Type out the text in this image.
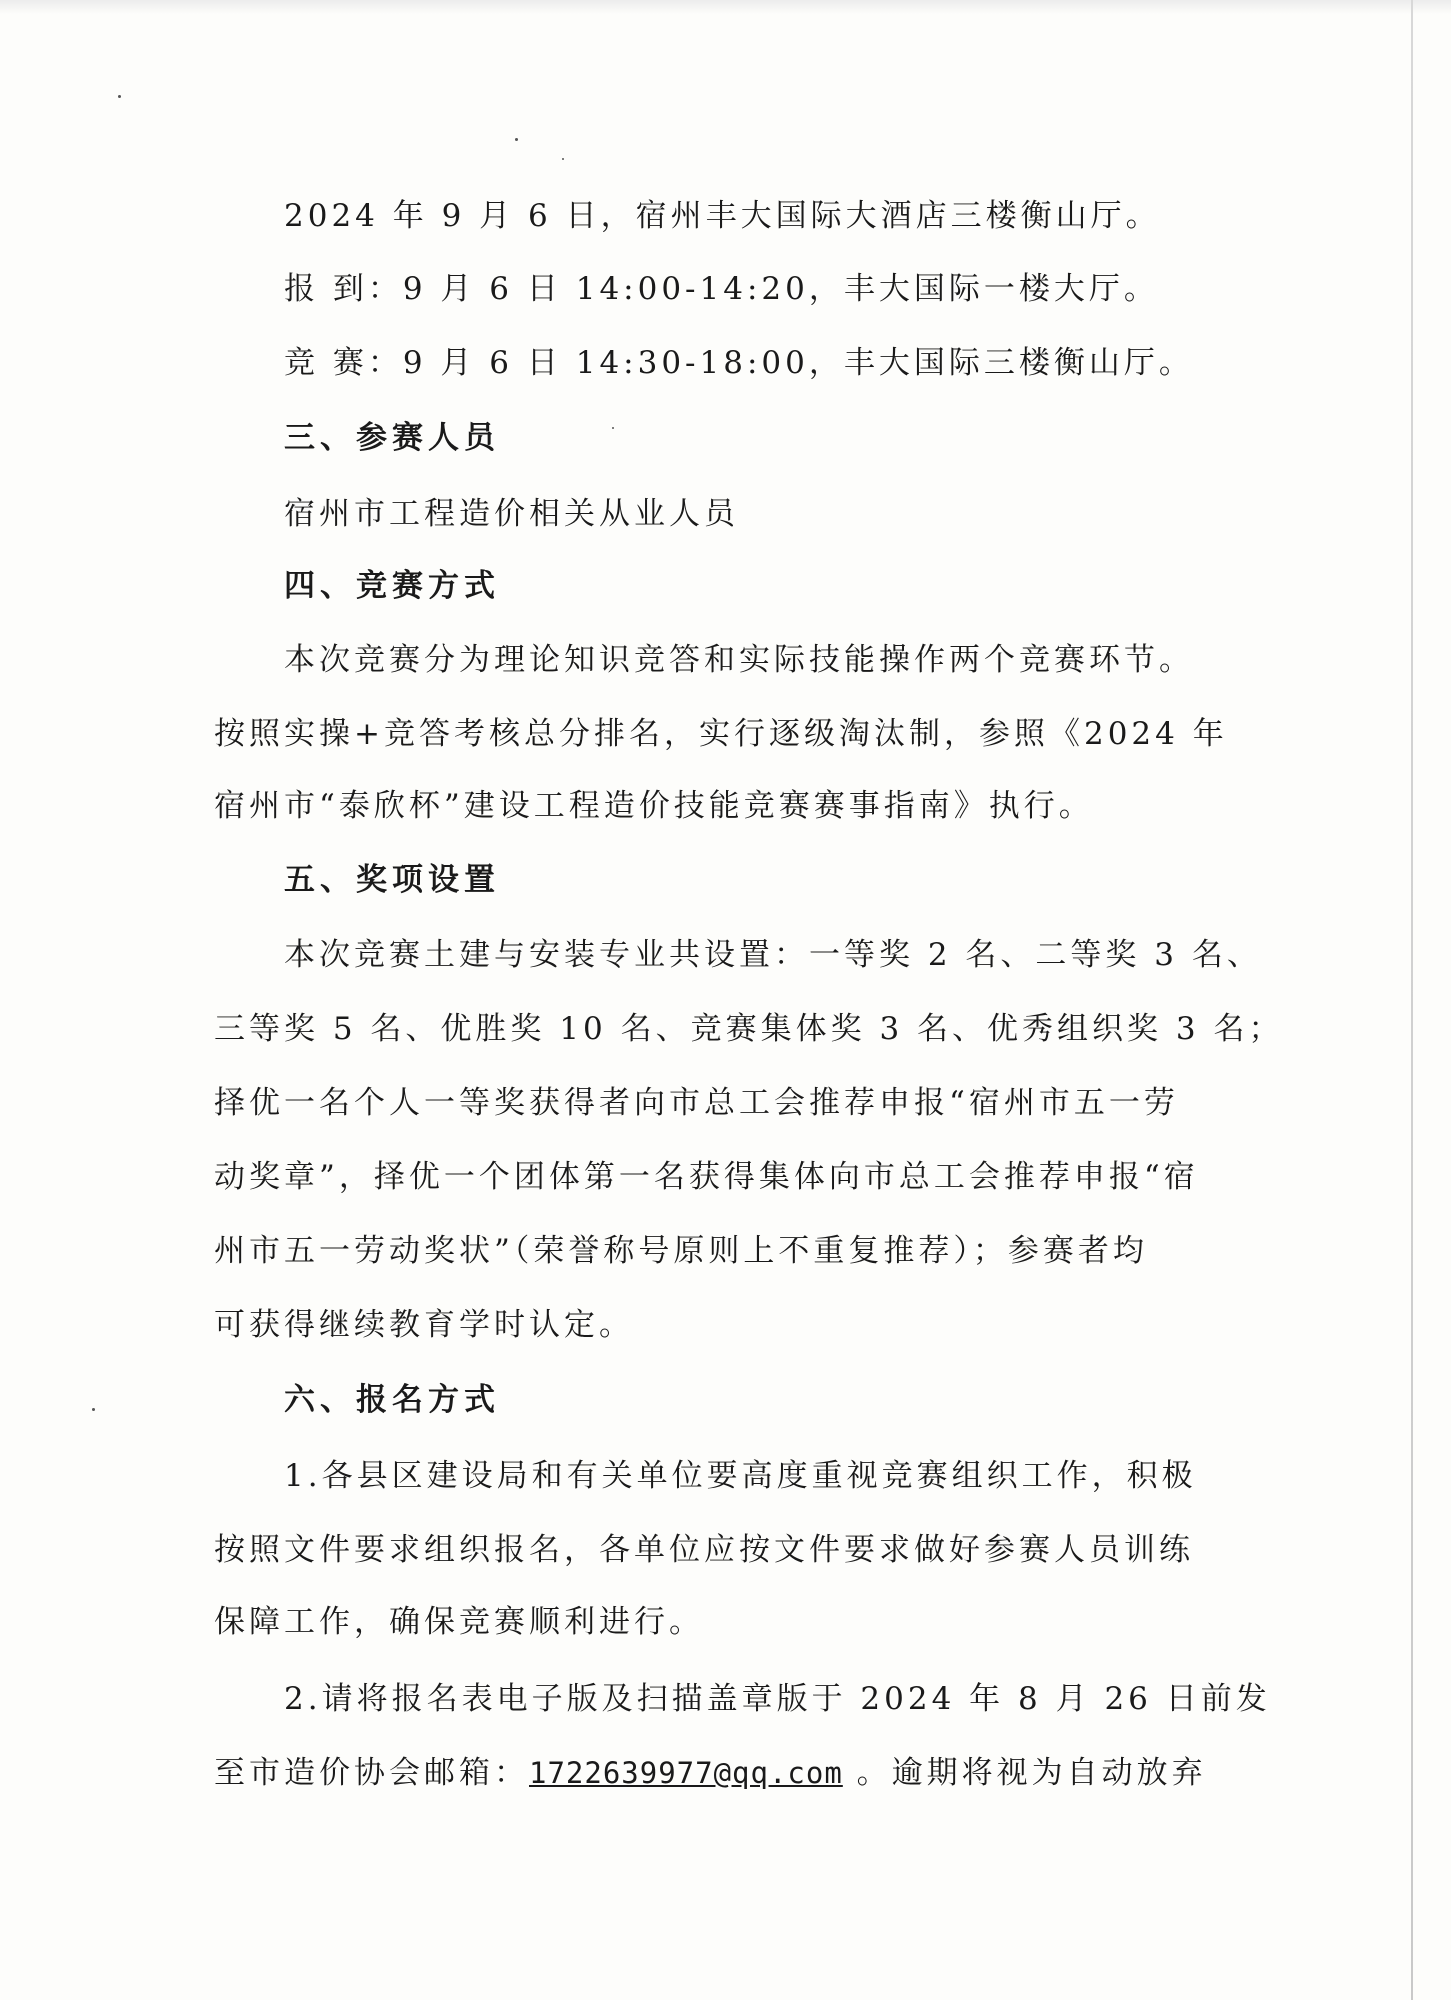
2024 年 9 月 6 日，宿州丰大国际大酒店三楼衡山厅。
报 到：9 月 6 日 14:00-14:20，丰大国际一楼大厅。
竞 赛：9 月 6 日 14:30-18:00，丰大国际三楼衡山厅。
三、参赛人员
宿州市工程造价相关从业人员
四、竞赛方式
本次竞赛分为理论知识竞答和实际技能操作两个竞赛环节。
按照实操+竞答考核总分排名，实行逐级淘汰制，参照《2024 年
宿州市“泰欣杯”建设工程造价技能竞赛赛事指南》执行。
五、奖项设置
本次竞赛土建与安装专业共设置：一等奖 2 名、二等奖 3 名、
三等奖 5 名、优胜奖 10 名、竞赛集体奖 3 名、优秀组织奖 3 名；
择优一名个人一等奖获得者向市总工会推荐申报“宿州市五一劳
动奖章”，择优一个团体第一名获得集体向市总工会推荐申报“宿
州市五一劳动奖状”（荣誉称号原则上不重复推荐）；参赛者均
可获得继续教育学时认定。
六、报名方式
1.各县区建设局和有关单位要高度重视竞赛组织工作，积极
按照文件要求组织报名，各单位应按文件要求做好参赛人员训练
保障工作，确保竞赛顺利进行。
2.请将报名表电子版及扫描盖章版于 2024 年 8 月 26 日前发
至市造价协会邮箱：1722639977@qq.com 。逾期将视为自动放弃
